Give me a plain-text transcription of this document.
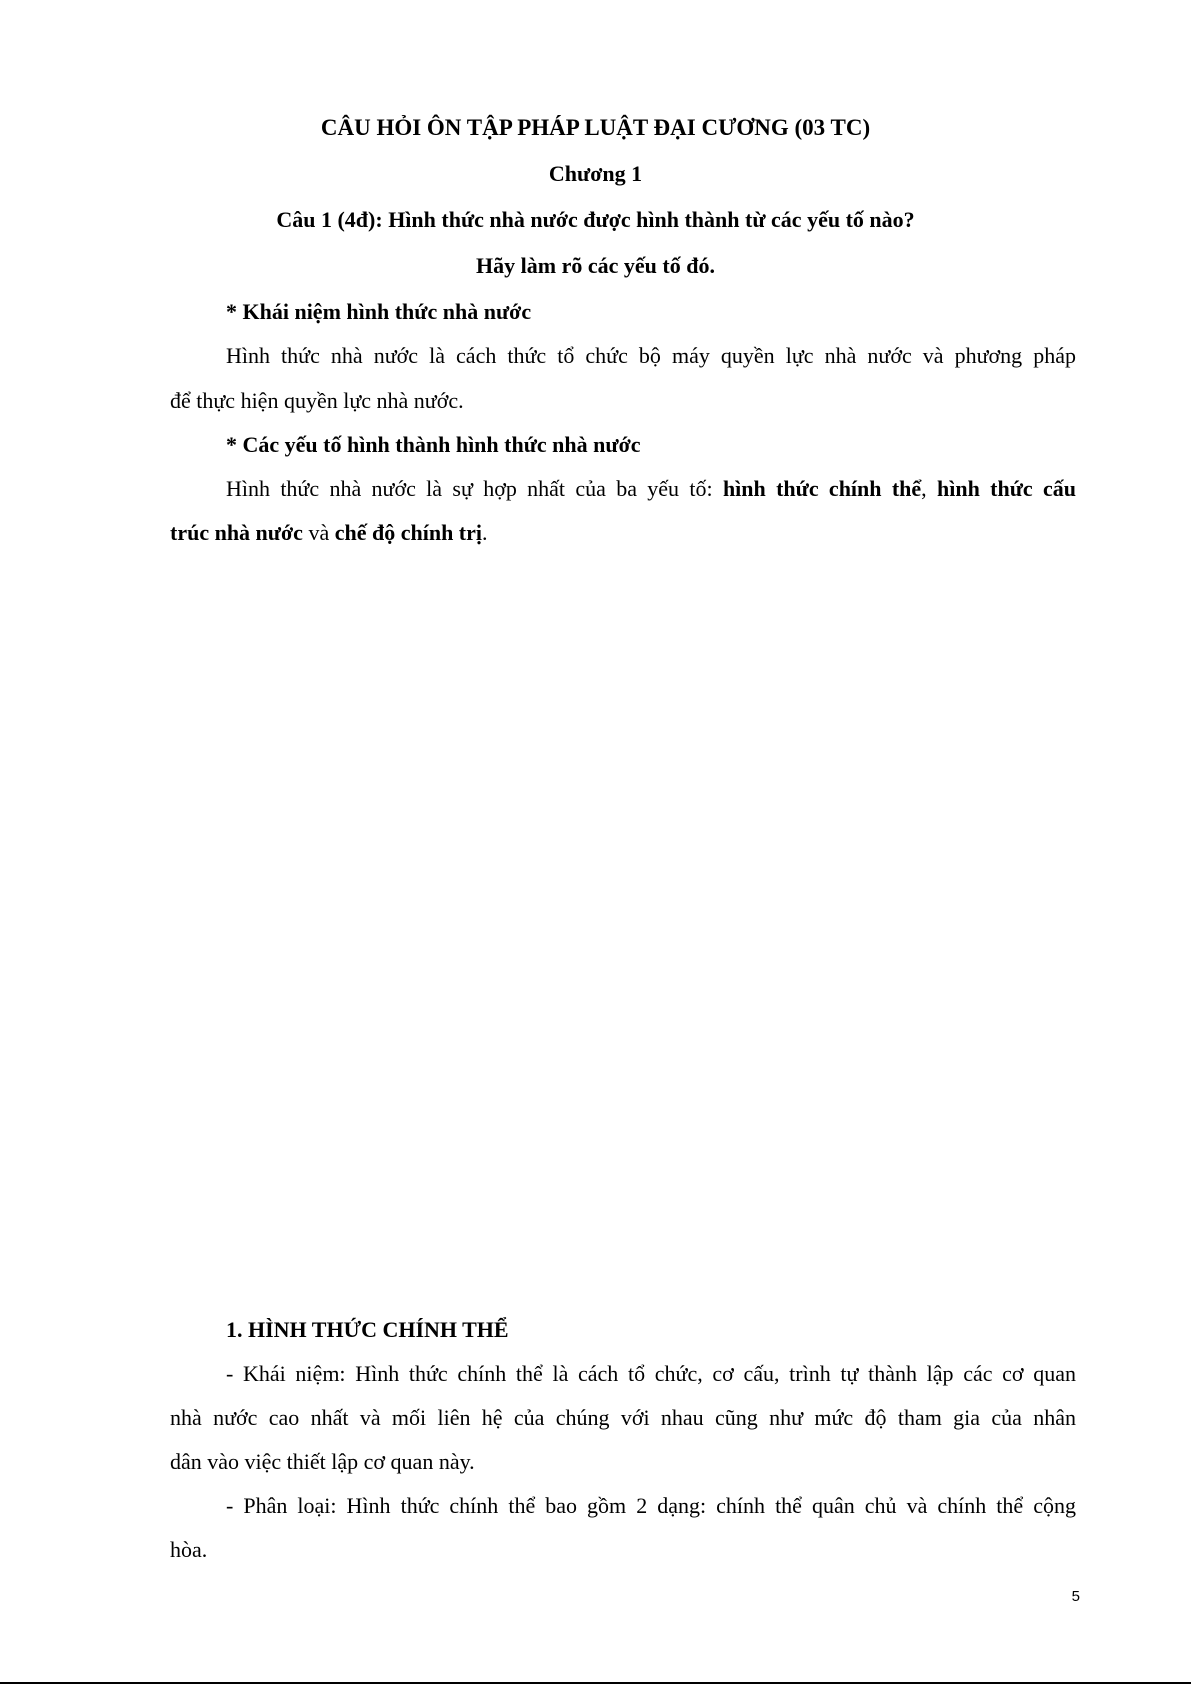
CÂU HỎI ÔN TẬP PHÁP LUẬT ĐẠI CƯƠNG (03 TC)
Chương 1
Câu 1 (4đ): Hình thức nhà nước được hình thành từ các yếu tố nào?
Hãy làm rõ các yếu tố đó.
* Khái niệm hình thức nhà nước
Hình thức nhà nước là cách thức tổ chức bộ máy quyền lực nhà nước và phương pháp
để thực hiện quyền lực nhà nước.
* Các yếu tố hình thành hình thức nhà nước
Hình thức nhà nước là sự hợp nhất của ba yếu tố: hình thức chính thể, hình thức cấu
trúc nhà nước và chế độ chính trị.
1. HÌNH THỨC CHÍNH THỂ
- Khái niệm: Hình thức chính thể là cách tổ chức, cơ cấu, trình tự thành lập các cơ quan
nhà nước cao nhất và mối liên hệ của chúng với nhau cũng như mức độ tham gia của nhân
dân vào việc thiết lập cơ quan này.
- Phân loại: Hình thức chính thể bao gồm 2 dạng: chính thể quân chủ và chính thể cộng
hòa.
5
